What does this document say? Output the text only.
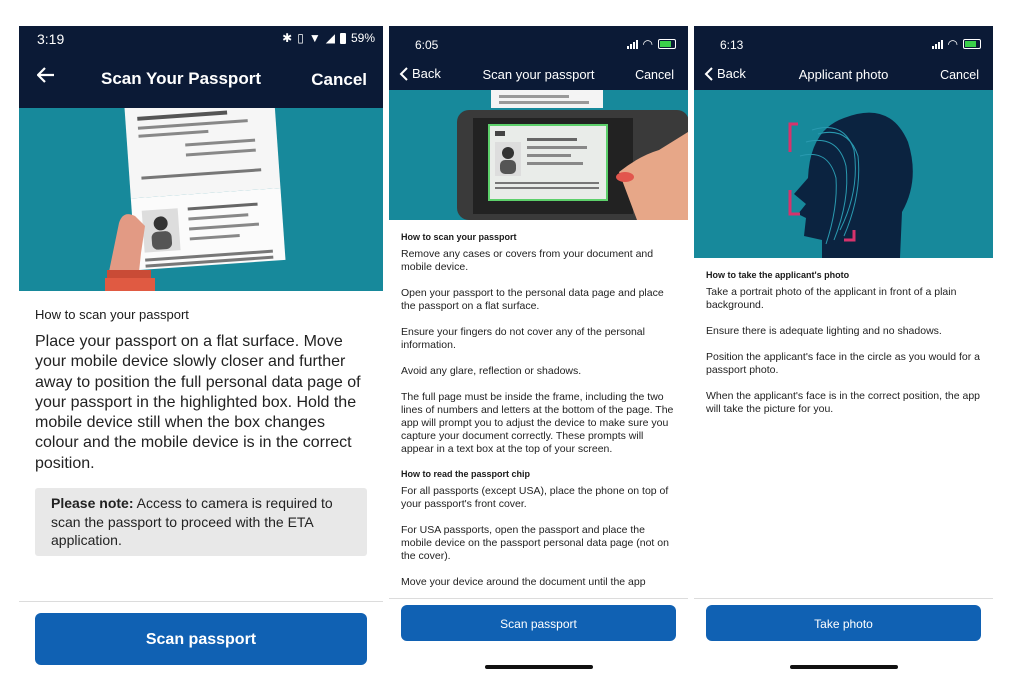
3:19	✱ ▯ ▼ ◢ 59%
Scan Your Passport	Cancel
How to scan your passport
Place your passport on a flat surface. Move your mobile device slowly closer and further away to position the full personal data page of your passport in the highlighted box. Hold the mobile device still when the box changes colour and the mobile device is in the correct position.
Please note: Access to camera is required to scan the passport to proceed with the ETA application.
Scan passport
6:05	◠
Back	Scan your passport	Cancel
How to scan your passport
Remove any cases or covers from your document and mobile device.
Open your passport to the personal data page and place the passport on a flat surface.
Ensure your fingers do not cover any of the personal information.
Avoid any glare, reflection or shadows.
The full page must be inside the frame, including the two lines of numbers and letters at the bottom of the page. The app will prompt you to adjust the device to make sure you capture your document correctly. These prompts will appear in a text box at the top of your screen.
How to read the passport chip
For all passports (except USA), place the phone on top of your passport's front cover.
For USA passports, open the passport and place the mobile device on the passport personal data page (not on the cover).
Move your device around the document until the app
Scan passport
6:13	◠
Back	Applicant photo	Cancel
How to take the applicant's photo
Take a portrait photo of the applicant in front of a plain background.
Ensure there is adequate lighting and no shadows.
Position the applicant's face in the circle as you would for a passport photo.
When the applicant's face is in the correct position, the app will take the picture for you.
Take photo
